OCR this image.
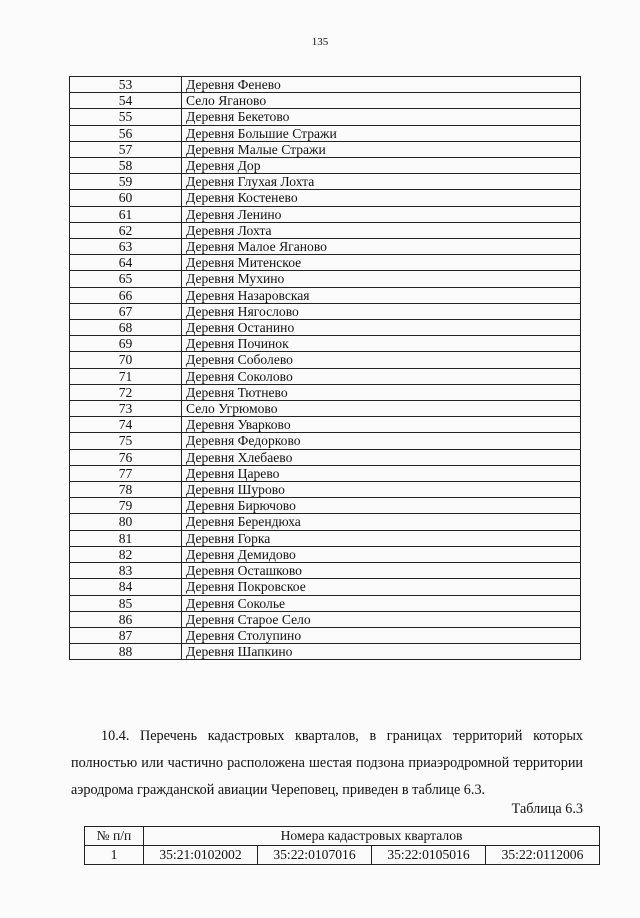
135
53	Деревня Фенево
54	Село Ягановo
55	Деревня Бекетово
56	Деревня Большие Стражи
57	Деревня Малые Стражи
58	Деревня Дор
59	Деревня Глухая Лохта
60	Деревня Костенево
61	Деревня Ленино
62	Деревня Лохта
63	Деревня Малое Яганово
64	Деревня Митенское
65	Деревня Мухино
66	Деревня Назаровская
67	Деревня Нягослово
68	Деревня Останино
69	Деревня Починок
70	Деревня Соболево
71	Деревня Соколово
72	Деревня Тютнево
73	Село Угрюмово
74	Деревня Уварково
75	Деревня Федорково
76	Деревня Хлебаево
77	Деревня Царево
78	Деревня Шурово
79	Деревня Бирючово
80	Деревня Берендюха
81	Деревня Горка
82	Деревня Демидово
83	Деревня Осташково
84	Деревня Покровское
85	Деревня Сокольe
86	Деревня Старое Село
87	Деревня Столупино
88	Деревня Шапкино
10.4. Перечень кадастровых кварталов, в границах территорий которых полностью или частично расположена шестая подзона приаэродромной территории аэродрома гражданской авиации Череповец, приведен в таблице 6.3.
Таблица 6.3
№ п/п	Номера кадастровых кварталов			
1	35:21:0102002	35:22:0107016	35:22:0105016	35:22:0112006
